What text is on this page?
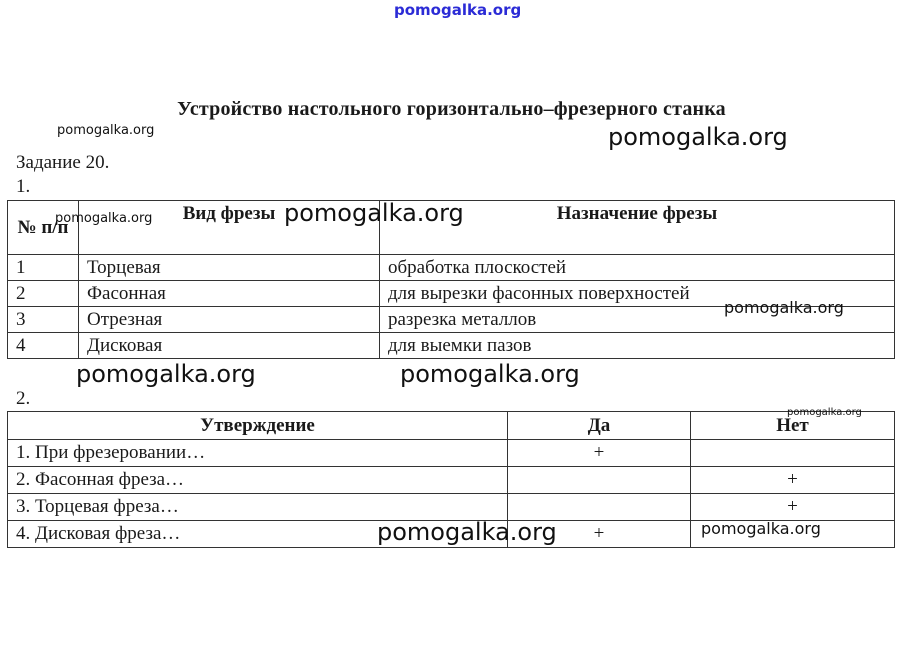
pomogalka.org
Устройство настольного горизонтально–фрезерного станка
Задание 20.
1.
№ п/п	Вид фрезы	Назначение фрезы
1	Торцевая	обработка плоскостей
2	Фасонная	для вырезки фасонных поверхностей
3	Отрезная	разрезка металлов
4	Дисковая	для выемки пазов
2.
Утверждение	Да	Нет
1. При фрезеровании…	+	
2. Фасонная фреза…		+
3. Торцевая фреза…		+
4. Дисковая фреза…	+	
pomogalka.org	pomogalka.org
pomogalka.org	pomogalka.org
pomogalka.org
pomogalka.org	pomogalka.org
pomogalka.org
pomogalka.org	pomogalka.org
